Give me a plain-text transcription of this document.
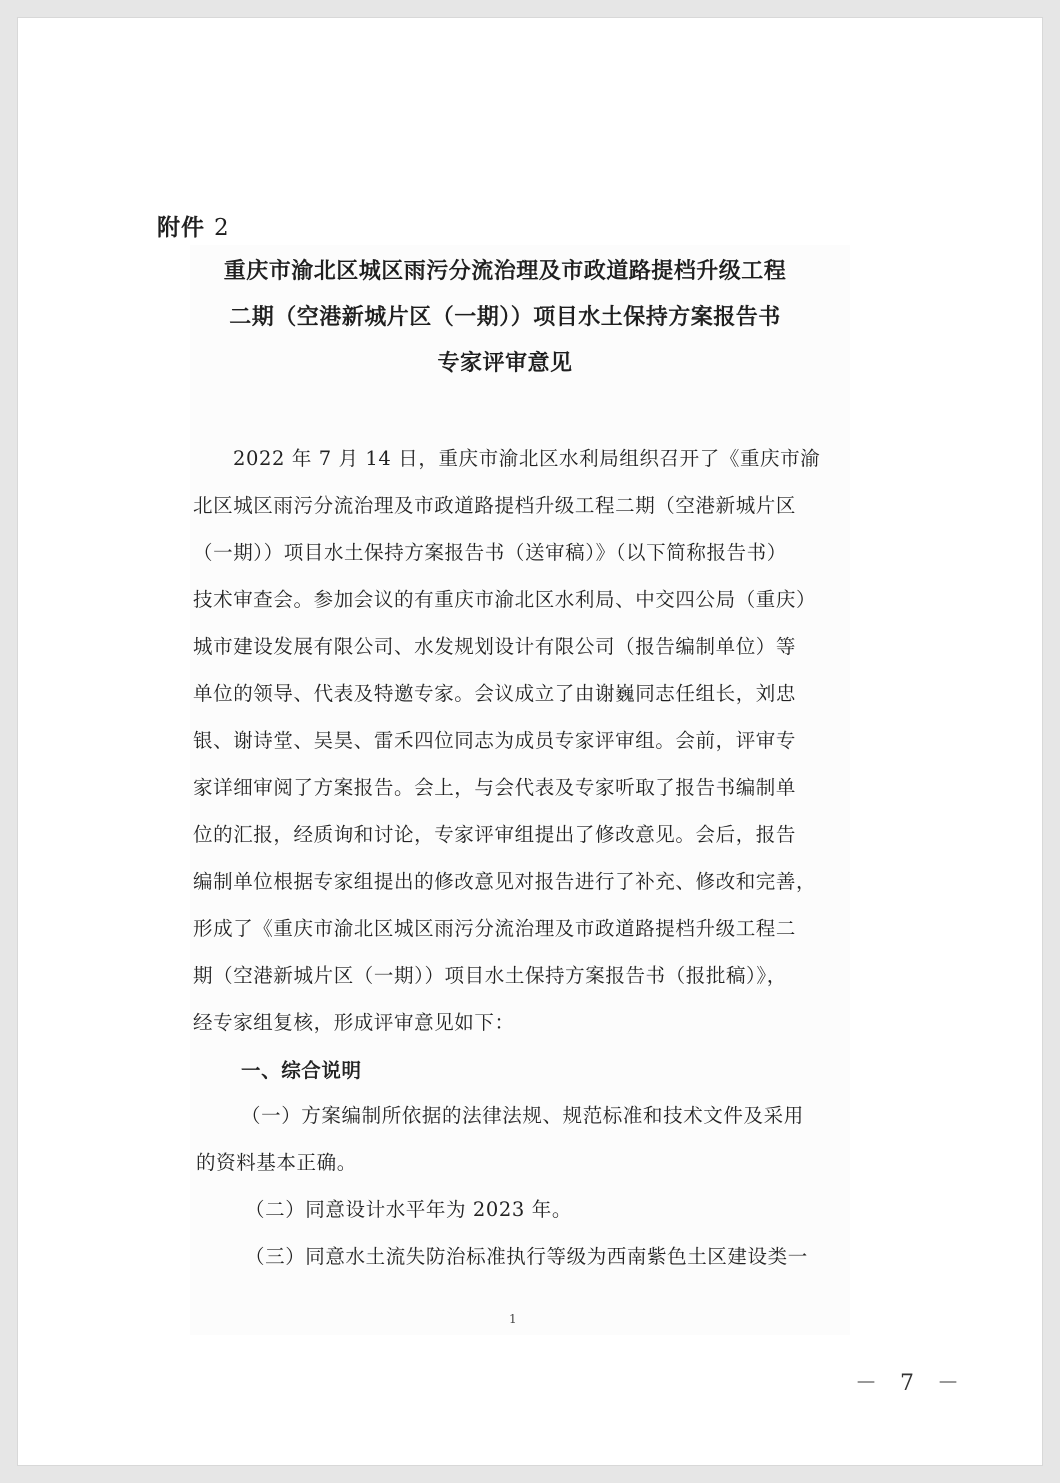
附件 2
重庆市渝北区城区雨污分流治理及市政道路提档升级工程
二期（空港新城片区（一期））项目水土保持方案报告书
专家评审意见
2022 年 7 月 14 日，重庆市渝北区水利局组织召开了《重庆市渝
北区城区雨污分流治理及市政道路提档升级工程二期（空港新城片区
（一期））项目水土保持方案报告书（送审稿）》（以下简称报告书）
技术审查会。参加会议的有重庆市渝北区水利局、中交四公局（重庆）
城市建设发展有限公司、水发规划设计有限公司（报告编制单位）等
单位的领导、代表及特邀专家。会议成立了由谢巍同志任组长，刘忠
银、谢诗堂、吴昊、雷禾四位同志为成员专家评审组。会前，评审专
家详细审阅了方案报告。会上，与会代表及专家听取了报告书编制单
位的汇报，经质询和讨论，专家评审组提出了修改意见。会后，报告
编制单位根据专家组提出的修改意见对报告进行了补充、修改和完善，
形成了《重庆市渝北区城区雨污分流治理及市政道路提档升级工程二
期（空港新城片区（一期））项目水土保持方案报告书（报批稿）》，
经专家组复核，形成评审意见如下：
一、综合说明
（一）方案编制所依据的法律法规、规范标准和技术文件及采用
的资料基本正确。
（二）同意设计水平年为 2023 年。
（三）同意水土流失防治标准执行等级为西南紫色土区建设类一
1
－ 7 －
